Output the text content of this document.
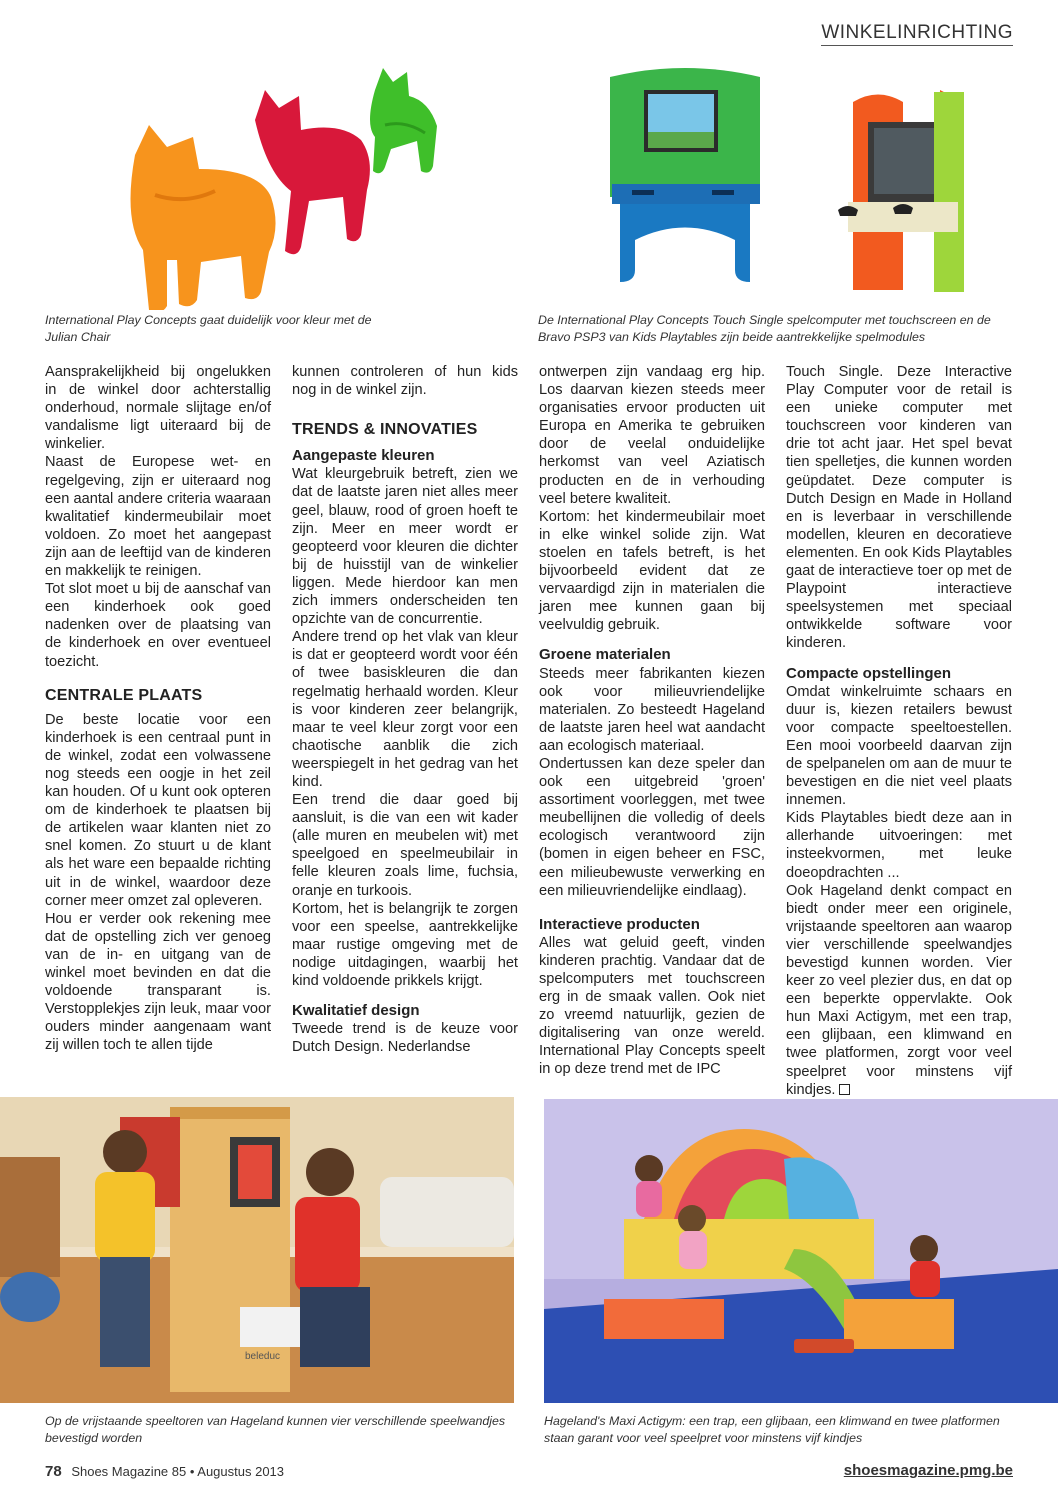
WINKELINRICHTING
International Play Concepts gaat duidelijk voor kleur met de Julian Chair
De International Play Concepts Touch Single spelcomputer met touchscreen en de Bravo PSP3 van Kids Playtables zijn beide aantrekkelijke spelmodules

Aansprakelijkheid bij ongelukken in de winkel door achterstallig onderhoud, normale slijtage en/of vandalisme ligt uiteraard bij de winkelier.

Naast de Europese wet- en regelgeving, zijn er uiteraard nog een aantal andere criteria waaraan kwalitatief kindermeubilair moet voldoen. Zo moet het aangepast zijn aan de leeftijd van de kinderen en makkelijk te reinigen.

Tot slot moet u bij de aanschaf van een kinderhoek ook goed nadenken over de plaatsing van de kinderhoek en over eventueel toezicht.

CENTRALE PLAATS

De beste locatie voor een kinderhoek is een centraal punt in de winkel, zodat een volwassene nog steeds een oogje in het zeil kan houden. Of u kunt ook opteren om de kinderhoek te plaatsen bij de artikelen waar klanten niet zo snel komen. Zo stuurt u de klant als het ware een bepaalde richting uit in de winkel, waardoor deze corner meer omzet zal opleveren.

Hou er verder ook rekening mee dat de opstelling zich ver genoeg van de in- en uitgang van de winkel moet bevinden en dat die voldoende transparant is. Verstopplekjes zijn leuk, maar voor ouders minder aangenaam want zij willen toch te allen tijde

kunnen controleren of hun kids nog in de winkel zijn.

TRENDS & INNOVATIES
Aangepaste kleuren

Wat kleurgebruik betreft, zien we dat de laatste jaren niet alles meer geel, blauw, rood of groen hoeft te zijn. Meer en meer wordt er geopteerd voor kleuren die dichter bij de huisstijl van de winkelier liggen. Mede hierdoor kan men zich immers onderscheiden ten opzichte van de concurrentie.

Andere trend op het vlak van kleur is dat er geopteerd wordt voor één of twee basiskleuren die dan regelmatig herhaald worden. Kleur is voor kinderen zeer belangrijk, maar te veel kleur zorgt voor een chaotische aanblik die zich weerspiegelt in het gedrag van het kind.

Een trend die daar goed bij aansluit, is die van een wit kader (alle muren en meubelen wit) met speelgoed en speelmeubilair in felle kleuren zoals lime, fuchsia, oranje en turkoois.

Kortom, het is belangrijk te zorgen voor een speelse, aantrekkelijke maar rustige omgeving met de nodige uitdagingen, waarbij het kind voldoende prikkels krijgt.

Kwalitatief design

Tweede trend is de keuze voor Dutch Design. Nederlandse

ontwerpen zijn vandaag erg hip. Los daarvan kiezen steeds meer organisaties ervoor producten uit Europa en Amerika te gebruiken door de veelal onduidelijke herkomst van veel Aziatisch producten en de in verhouding veel betere kwaliteit.

Kortom: het kindermeubilair moet in elke winkel solide zijn. Wat stoelen en tafels betreft, is het bijvoorbeeld evident dat ze vervaardigd zijn in materialen die jaren mee kunnen gaan bij veelvuldig gebruik.

Groene materialen

Steeds meer fabrikanten kiezen ook voor milieuvriendelijke materialen. Zo besteedt Hageland de laatste jaren heel wat aandacht aan ecologisch materiaal.

Ondertussen kan deze speler dan ook een uitgebreid 'groen' assortiment voorleggen, met twee meubellijnen die volledig of deels ecologisch verantwoord zijn (bomen in eigen beheer en FSC, een milieubewuste verwerking en een milieuvriendelijke eindlaag).

Interactieve producten

Alles wat geluid geeft, vinden kinderen prachtig. Vandaar dat de spelcomputers met touchscreen erg in de smaak vallen. Ook niet zo vreemd natuurlijk, gezien de digitalisering van onze wereld. International Play Concepts speelt in op deze trend met de IPC

Touch Single. Deze Interactive Play Computer voor de retail is een unieke computer met touchscreen voor kinderen van drie tot acht jaar. Het spel bevat tien spelletjes, die kunnen worden geüpdatet. Deze computer is Dutch Design en Made in Holland en is leverbaar in verschillende modellen, kleuren en decoratieve elementen. En ook Kids Playtables gaat de interactieve toer op met de Playpoint interactieve speelsystemen met speciaal ontwikkelde software voor kinderen.

Compacte opstellingen

Omdat winkelruimte schaars en duur is, kiezen retailers bewust voor compacte speeltoestellen. Een mooi voorbeeld daarvan zijn de spelpanelen om aan de muur te bevestigen en die niet veel plaats innemen.

Kids Playtables biedt deze aan in allerhande uitvoeringen: met insteekvormen, met leuke doeopdrachten ...

Ook Hageland denkt compact en biedt onder meer een originele, vrijstaande speeltoren aan waarop vier verschillende speelwandjes bevestigd kunnen worden. Vier keer zo veel plezier dus, en dat op een beperkte oppervlakte. Ook hun Maxi Actigym, met een trap, een glijbaan, een klimwand en twee platformen, zorgt voor veel speelpret voor minstens vijf kindjes.

beleduc
Op de vrijstaande speeltoren van Hageland kunnen vier verschillende speelwandjes bevestigd worden
Hageland's Maxi Actigym: een trap, een glijbaan, een klimwand en twee platformen staan garant voor veel speelpret voor minstens vijf kindjes
78 Shoes Magazine 85 • Augustus 2013	shoesmagazine.pmg.be
